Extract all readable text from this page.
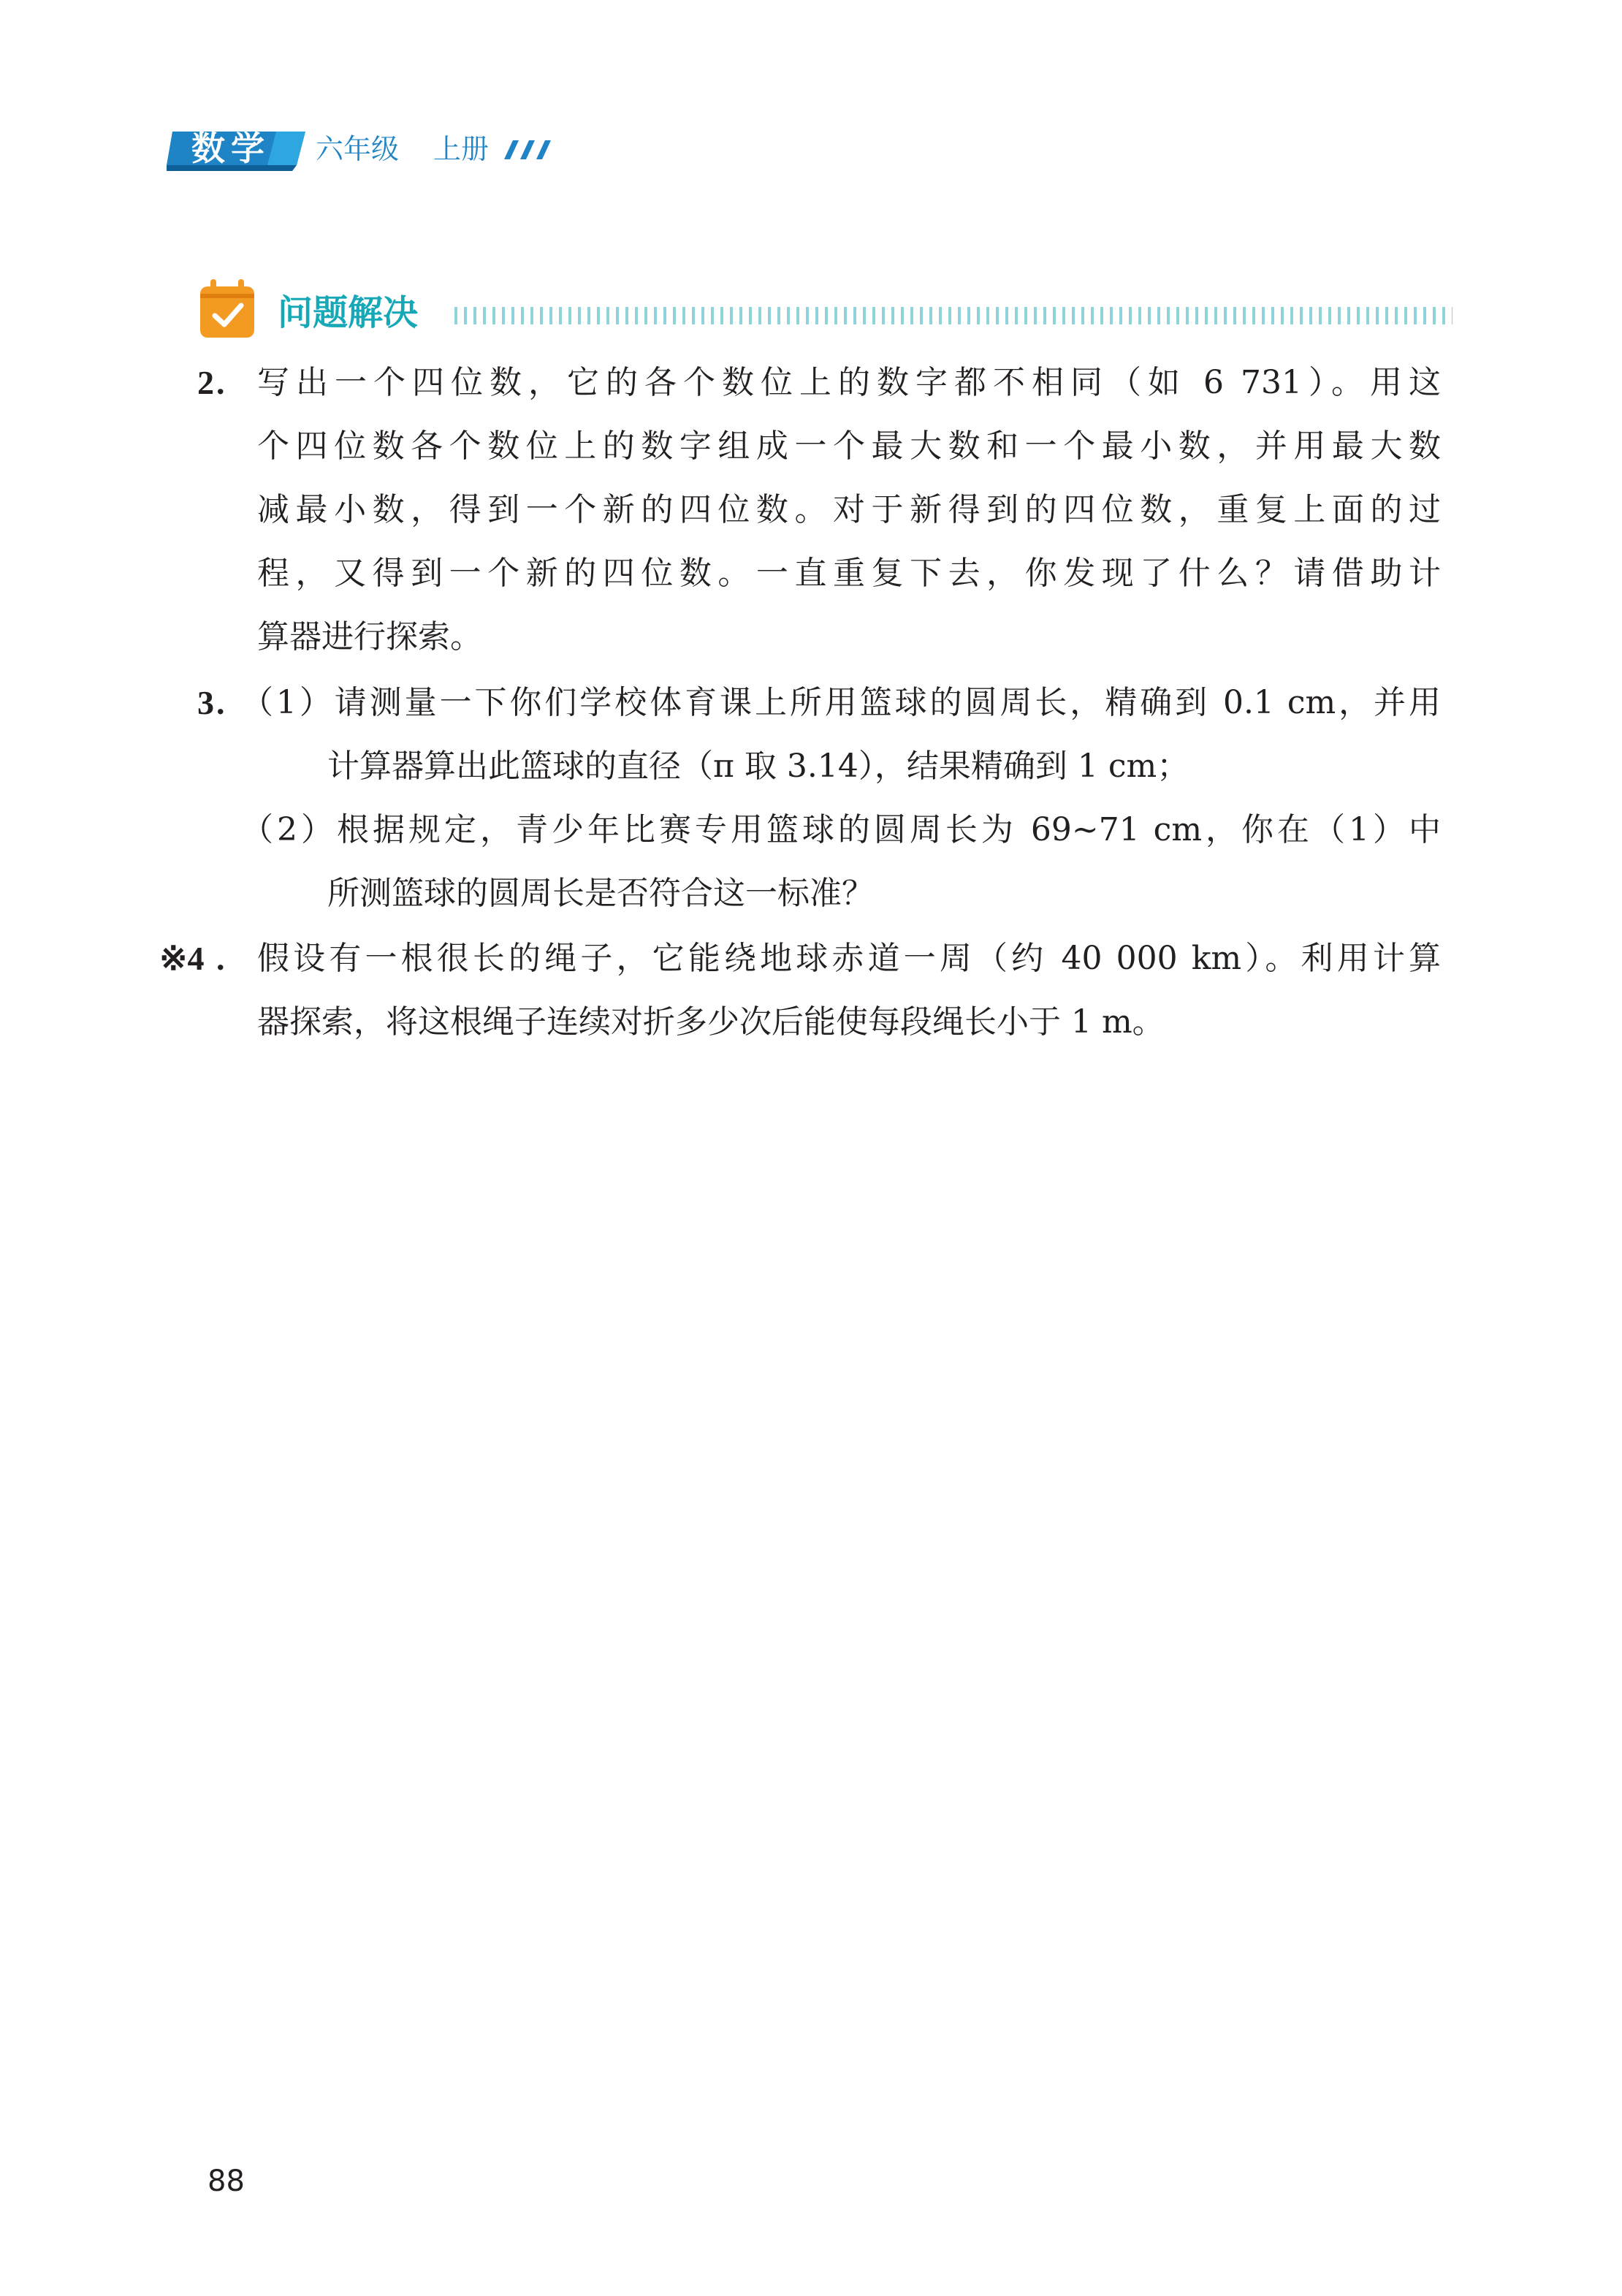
数学 六年级 上册
问题解决
2 . 写出一个四位数，它的各个数位上的数字都不相同（如 6 731）。用这
个四位数各个数位上的数字组成一个最大数和一个最小数，并用最大数
减最小数，得到一个新的四位数。对于新得到的四位数，重复上面的过
程，又得到一个新的四位数。一直重复下去，你发现了什么？请借助计
算器进行探索。
3 . （1）请测量一下你们学校体育课上所用篮球的圆周长，精确到 0.1 cm，并用
计算器算出此篮球的直径（π 取 3.14），结果精确到 1 cm；
（2）根据规定，青少年比赛专用篮球的圆周长为 69~71 cm，你在（1）中
所测篮球的圆周长是否符合这一标准？
※4 . 假设有一根很长的绳子，它能绕地球赤道一周（约 40 000 km）。利用计算
器探索，将这根绳子连续对折多少次后能使每段绳长小于 1 m。
88
